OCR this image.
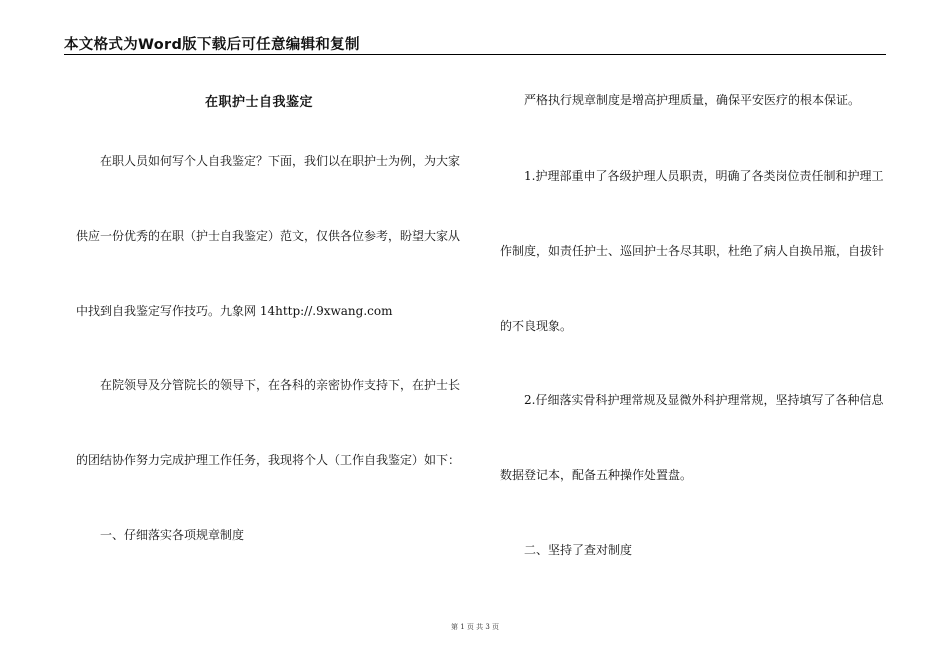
本文格式为Word版下载后可任意编辑和复制
在职护士自我鉴定
在职人员如何写个人自我鉴定？下面，我们以在职护士为例，为大家
供应一份优秀的在职（护士自我鉴定）范文，仅供各位参考，盼望大家从
中找到自我鉴定写作技巧。九象网 14http://.9xwang.com
在院领导及分管院长的领导下，在各科的亲密协作支持下，在护士长
的团结协作努力完成护理工作任务，我现将个人（工作自我鉴定）如下：
一、仔细落实各项规章制度
严格执行规章制度是增高护理质量，确保平安医疗的根本保证。
1.护理部重申了各级护理人员职责，明确了各类岗位责任制和护理工
作制度，如责任护士、巡回护士各尽其职，杜绝了病人自换吊瓶，自拔针
的不良现象。
2.仔细落实骨科护理常规及显微外科护理常规，坚持填写了各种信息
数据登记本，配备五种操作处置盘。
二、坚持了查对制度
第 1 页 共 3 页
